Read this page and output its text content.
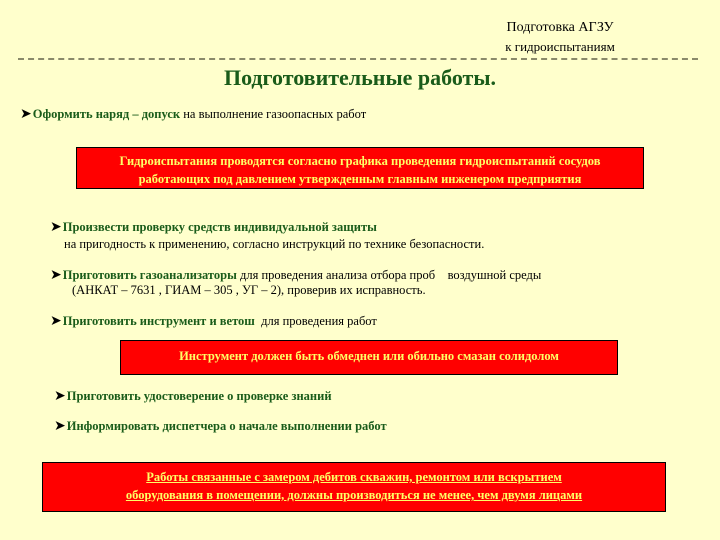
Подготовка АГЗУ
к гидроиспытаниям
Подготовительные работы.
➤Оформить наряд – допуск на выполнение газоопасных работ
Гидроиспытания проводятся согласно графика проведения гидроиспытаний сосудов
работающих под давлением утвержденным главным инженером предприятия
➤Произвести проверку средств индивидуальной защиты
на пригодность к применению, согласно инструкций по технике безопасности.
➤Приготовить газоанализаторы для проведения анализа отбора проб    воздушной среды
(АНКАТ – 7631 , ГИАМ – 305 , УГ – 2), проверив их исправность.
➤Приготовить инструмент и ветош  для проведения работ
Инструмент должен быть обмеднен или обильно смазан солидолом
➤Приготовить удостоверение о проверке знаний
➤Информировать диспетчера о начале выполнении работ
Работы связанные с замером дебитов скважин, ремонтом или вскрытием
оборудования в помещении, должны производиться не менее, чем двумя лицами
